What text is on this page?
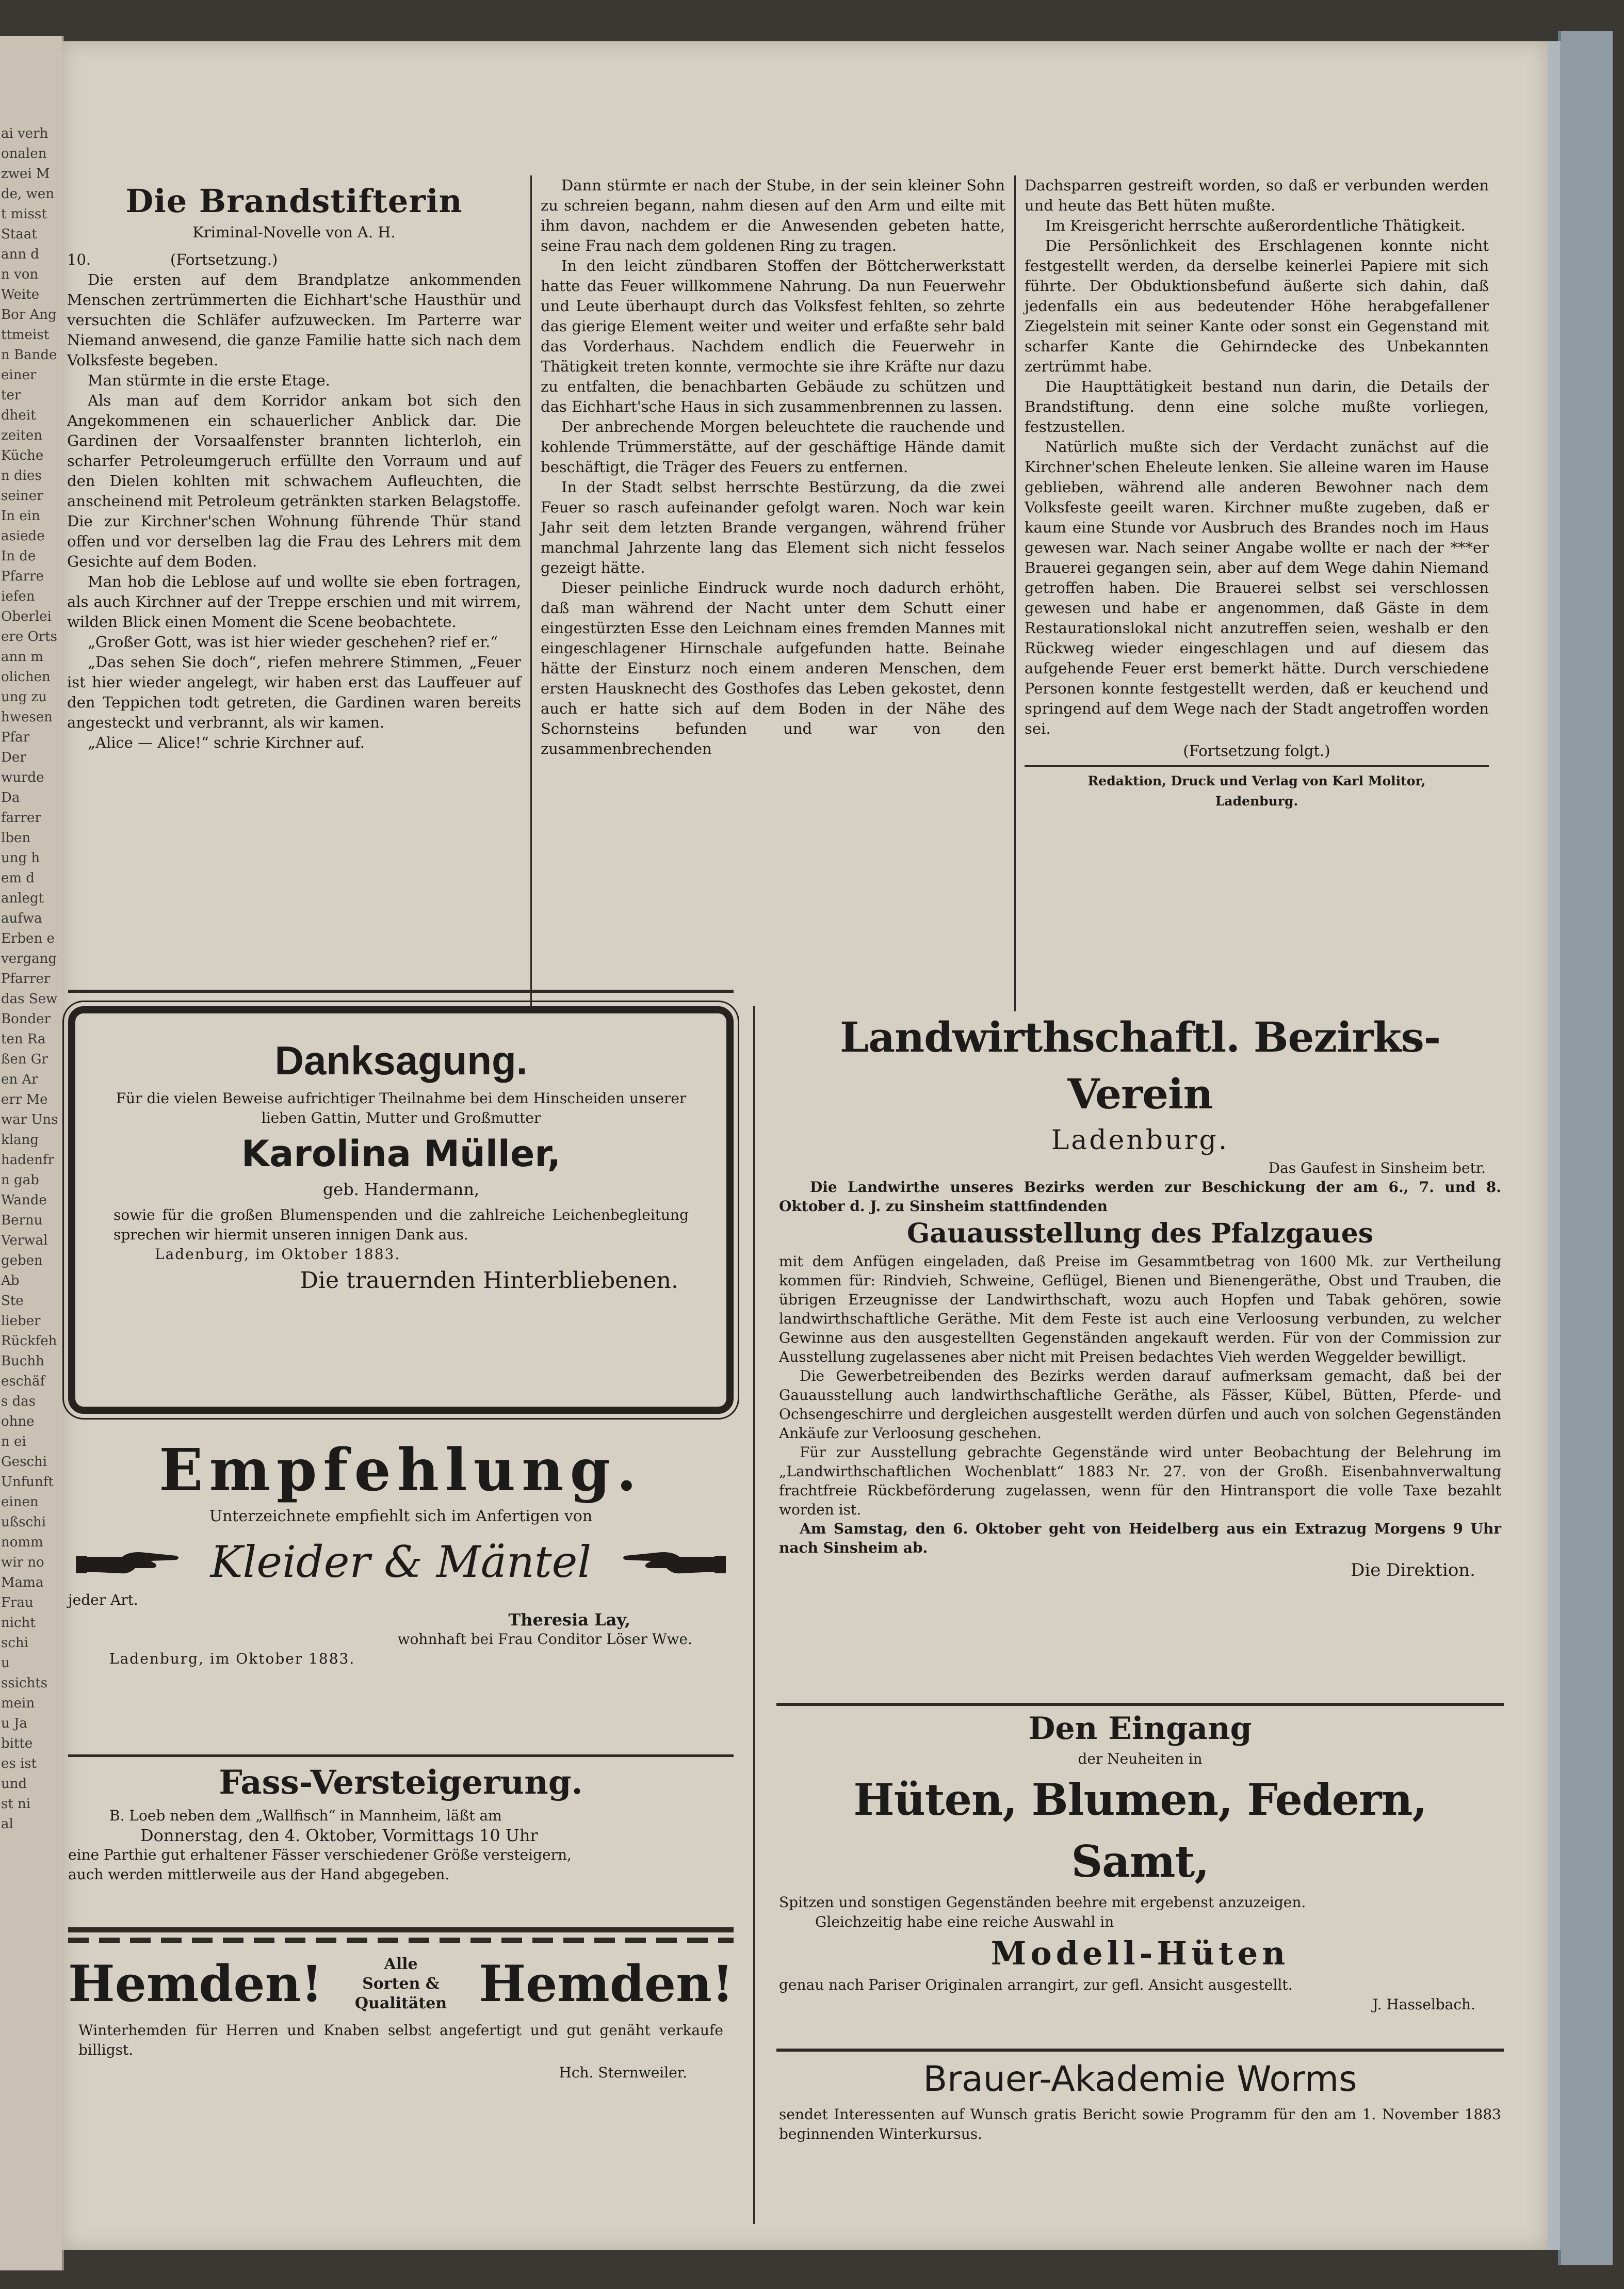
ai verh
onalen
zwei M
de, wen
t misst
Staat
ann d
n von
Weite
Bor Ang
ttmeist
n Bande
einer
ter
dheit
zeiten
Küche
n dies
seiner
In ein
asiede
In de
Pfarre
iefen
Oberlei
ere Orts
ann m
olichen
ung zu
hwesen
Pfar
Der
wurde
Da
farrer
lben
ung h
em d
anlegt
aufwa
Erben e
vergang
Pfarrer
das Sew
Bonder
ten Ra
ßen Gr
en Ar
err Me
war Uns
klang
hadenfr
n gab
Wande
Bernu
Verwal
geben
Ab
Ste
lieber
Rückfeh
Buchh
eschäf
s das
ohne
n ei
Geschi
Unfunft
einen
ußschi
nomm
wir no
Mama
Frau
nicht
schi
u
ssichts
mein
u Ja
bitte
es ist
und
st ni
al
Die Brandstifterin
Kriminal-Novelle von A. H.
10.	(Fortsetzung.)

Die ersten auf dem Brandplatze ankommenden Menschen zertrümmerten die Eichhart'sche Hausthür und versuchten die Schläfer aufzuwecken. Im Parterre war Niemand anwesend, die ganze Familie hatte sich nach dem Volksfeste begeben.

Man stürmte in die erste Etage.

Als man auf dem Korridor ankam bot sich den Angekommenen ein schauerlicher Anblick dar. Die Gardinen der Vorsaalfenster brannten lichterloh, ein scharfer Petroleumgeruch erfüllte den Vorraum und auf den Dielen kohlten mit schwachem Aufleuchten, die anscheinend mit Petroleum getränkten starken Belagstoffe. Die zur Kirchner'schen Wohnung führende Thür stand offen und vor derselben lag die Frau des Lehrers mit dem Gesichte auf dem Boden.

Man hob die Leblose auf und wollte sie eben fortragen, als auch Kirchner auf der Treppe erschien und mit wirrem, wilden Blick einen Moment die Scene beobachtete.

„Großer Gott, was ist hier wieder geschehen? rief er.“

„Das sehen Sie doch“, riefen mehrere Stimmen, „Feuer ist hier wieder angelegt, wir haben erst das Lauffeuer auf den Teppichen todt getreten, die Gardinen waren bereits angesteckt und verbrannt, als wir kamen.

„Alice — Alice!“ schrie Kirchner auf.

Dann stürmte er nach der Stube, in der sein kleiner Sohn zu schreien begann, nahm diesen auf den Arm und eilte mit ihm davon, nachdem er die Anwesenden gebeten hatte, seine Frau nach dem goldenen Ring zu tragen.

In den leicht zündbaren Stoffen der Böttcherwerkstatt hatte das Feuer willkommene Nahrung. Da nun Feuerwehr und Leute überhaupt durch das Volksfest fehlten, so zehrte das gierige Element weiter und weiter und erfaßte sehr bald das Vorderhaus. Nachdem endlich die Feuerwehr in Thätigkeit treten konnte, vermochte sie ihre Kräfte nur dazu zu entfalten, die benachbarten Gebäude zu schützen und das Eichhart'sche Haus in sich zusammenbrennen zu lassen.

Der anbrechende Morgen beleuchtete die rauchende und kohlende Trümmerstätte, auf der geschäftige Hände damit beschäftigt, die Träger des Feuers zu entfernen.

In der Stadt selbst herrschte Bestürzung, da die zwei Feuer so rasch aufeinander gefolgt waren. Noch war kein Jahr seit dem letzten Brande vergangen, während früher manchmal Jahrzente lang das Element sich nicht fesselos gezeigt hätte.

Dieser peinliche Eindruck wurde noch dadurch erhöht, daß man während der Nacht unter dem Schutt einer eingestürzten Esse den Leichnam eines fremden Mannes mit eingeschlagener Hirnschale aufgefunden hatte. Beinahe hätte der Einsturz noch einem anderen Menschen, dem ersten Hausknecht des Gosthofes das Leben gekostet, denn auch er hatte sich auf dem Boden in der Nähe des Schornsteins befunden und war von den zusammenbrechenden

Dachsparren gestreift worden, so daß er verbunden werden und heute das Bett hüten mußte.

Im Kreisgericht herrschte außerordentliche Thätigkeit.

Die Persönlichkeit des Erschlagenen konnte nicht festgestellt werden, da derselbe keinerlei Papiere mit sich führte. Der Obduktionsbefund äußerte sich dahin, daß jedenfalls ein aus bedeutender Höhe herabgefallener Ziegelstein mit seiner Kante oder sonst ein Gegenstand mit scharfer Kante die Gehirndecke des Unbekannten zertrümmt habe.

Die Haupttätigkeit bestand nun darin, die Details der Brandstiftung. denn eine solche mußte vorliegen, festzustellen.

Natürlich mußte sich der Verdacht zunächst auf die Kirchner'schen Eheleute lenken. Sie alleine waren im Hause geblieben, während alle anderen Bewohner nach dem Volksfeste geeilt waren. Kirchner mußte zugeben, daß er kaum eine Stunde vor Ausbruch des Brandes noch im Haus gewesen war. Nach seiner Angabe wollte er nach der ***er Brauerei gegangen sein, aber auf dem Wege dahin Niemand getroffen haben. Die Brauerei selbst sei verschlossen gewesen und habe er angenommen, daß Gäste in dem Restaurationslokal nicht anzutreffen seien, weshalb er den Rückweg wieder eingeschlagen und auf diesem das aufgehende Feuer erst bemerkt hätte. Durch verschiedene Personen konnte festgestellt werden, daß er keuchend und springend auf dem Wege nach der Stadt angetroffen worden sei.

(Fortsetzung folgt.)
Redaktion, Druck und Verlag von Karl Molitor,
Ladenburg.
Danksagung.
Für die vielen Beweise aufrichtiger Theilnahme bei dem Hinscheiden unserer lieben Gattin, Mutter und Großmutter
Karolina Müller,
geb. Handermann,
sowie für die großen Blumenspenden und die zahlreiche Leichenbegleitung sprechen wir hiermit unseren innigen Dank aus.
Ladenburg, im Oktober 1883.
Die trauernden Hinterbliebenen.
Empfehlung.
Unterzeichnete empfiehlt sich im Anfertigen von
Kleider & Mäntel
jeder Art.
Theresia Lay,
wohnhaft bei Frau Conditor Löser Wwe.
Ladenburg, im Oktober 1883.
Fass-Versteigerung.
B. Loeb neben dem „Wallfisch“ in Mannheim, läßt am
Donnerstag, den 4. Oktober, Vormittags 10 Uhr
eine Parthie gut erhaltener Fässer verschiedener Größe versteigern,
auch werden mittlerweile aus der Hand abgegeben.
Hemden!	Alle
Sorten & Qualitäten Hemden!
Winterhemden für Herren und Knaben selbst angefertigt und gut genäht verkaufe billigst.
Hch. Sternweiler.
Landwirthschaftl. Bezirks-Verein
Ladenburg.
Das Gaufest in Sinsheim betr.
Die Landwirthe unseres Bezirks werden zur Beschickung der am 6., 7. und 8. Oktober d. J. zu Sinsheim stattfindenden
Gauausstellung des Pfalzgaues
mit dem Anfügen eingeladen, daß Preise im Gesammtbetrag von 1600 Mk. zur Vertheilung kommen für: Rindvieh, Schweine, Geflügel, Bienen und Bienengeräthe, Obst und Trauben, die übrigen Erzeugnisse der Landwirthschaft, wozu auch Hopfen und Tabak gehören, sowie landwirthschaftliche Geräthe. Mit dem Feste ist auch eine Verloosung verbunden, zu welcher Gewinne aus den ausgestellten Gegenständen angekauft werden. Für von der Commission zur Ausstellung zugelassenes aber nicht mit Preisen bedachtes Vieh werden Weggelder bewilligt.
Die Gewerbetreibenden des Bezirks werden darauf aufmerksam gemacht, daß bei der Gauausstellung auch landwirthschaftliche Geräthe, als Fässer, Kübel, Bütten, Pferde- und Ochsengeschirre und dergleichen ausgestellt werden dürfen und auch von solchen Gegenständen Ankäufe zur Verloosung geschehen.
Für zur Ausstellung gebrachte Gegenstände wird unter Beobachtung der Belehrung im „Landwirthschaftlichen Wochenblatt“ 1883 Nr. 27. von der Großh. Eisenbahnverwaltung frachtfreie Rückbeförderung zugelassen, wenn für den Hintransport die volle Taxe bezahlt worden ist.
Am Samstag, den 6. Oktober geht von Heidelberg aus ein Extrazug Morgens 9 Uhr nach Sinsheim ab.
Die Direktion.
Den Eingang
der Neuheiten in
Hüten, Blumen, Federn, Samt,
Spitzen und sonstigen Gegenständen beehre mit ergebenst anzuzeigen.
Gleichzeitig habe eine reiche Auswahl in
Modell-Hüten
genau nach Pariser Originalen arrangirt, zur gefl. Ansicht ausgestellt.
J. Hasselbach.
Brauer-Akademie Worms
sendet Interessenten auf Wunsch gratis Bericht sowie Programm für den am 1. November 1883 beginnenden Winterkursus.
